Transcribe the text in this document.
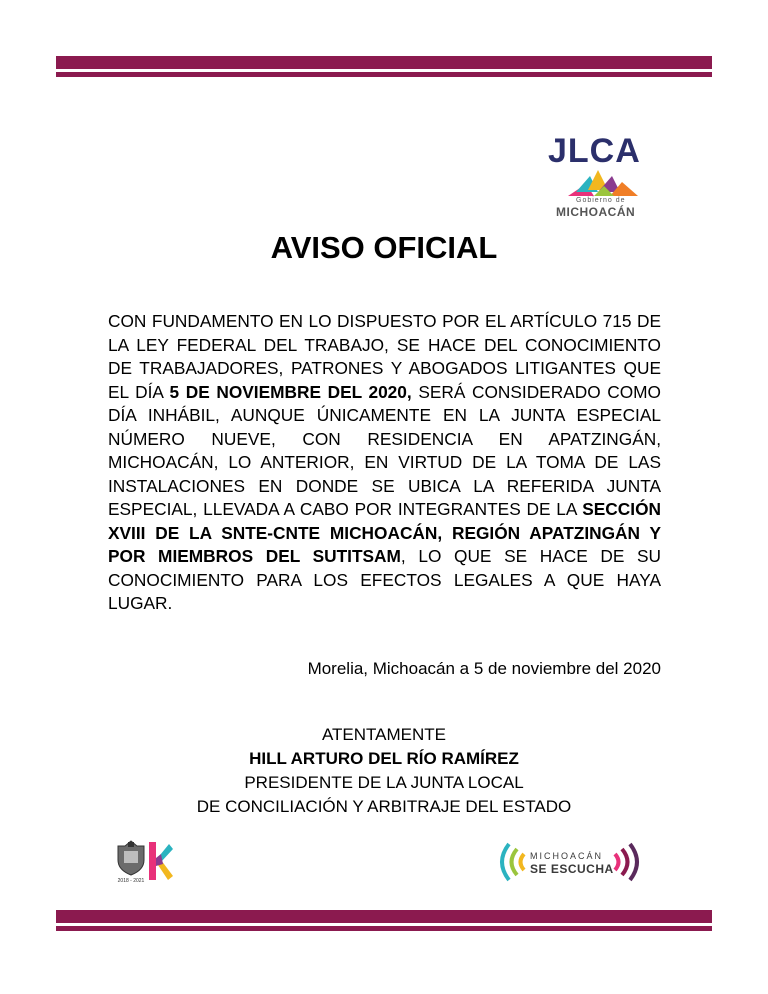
JLCA
Gobierno de
MICHOACÁN
AVISO OFICIAL
CON FUNDAMENTO EN LO DISPUESTO POR EL ARTÍCULO 715 DE LA LEY FEDERAL DEL TRABAJO, SE HACE DEL CONOCIMIENTO DE TRABAJADORES, PATRONES Y ABOGADOS LITIGANTES QUE EL DÍA 5 DE NOVIEMBRE DEL 2020, SERÁ CONSIDERADO COMO DÍA INHÁBIL, AUNQUE ÚNICAMENTE EN LA JUNTA ESPECIAL NÚMERO NUEVE, CON RESIDENCIA EN APATZINGÁN, MICHOACÁN, LO ANTERIOR, EN VIRTUD DE LA TOMA DE LAS INSTALACIONES EN DONDE SE UBICA LA REFERIDA JUNTA ESPECIAL, LLEVADA A CABO POR INTEGRANTES DE LA SECCIÓN XVIII DE LA SNTE-CNTE MICHOACÁN, REGIÓN APATZINGÁN Y POR MIEMBROS DEL SUTITSAM, LO QUE SE HACE DE SU CONOCIMIENTO PARA LOS EFECTOS LEGALES A QUE HAYA LUGAR.
Morelia, Michoacán a 5 de noviembre del 2020
ATENTAMENTE
HILL ARTURO DEL RÍO RAMÍREZ
PRESIDENTE DE LA JUNTA LOCAL
DE CONCILIACIÓN Y ARBITRAJE DEL ESTADO
2018 - 2021
MICHOACÁN
SE ESCUCHA
